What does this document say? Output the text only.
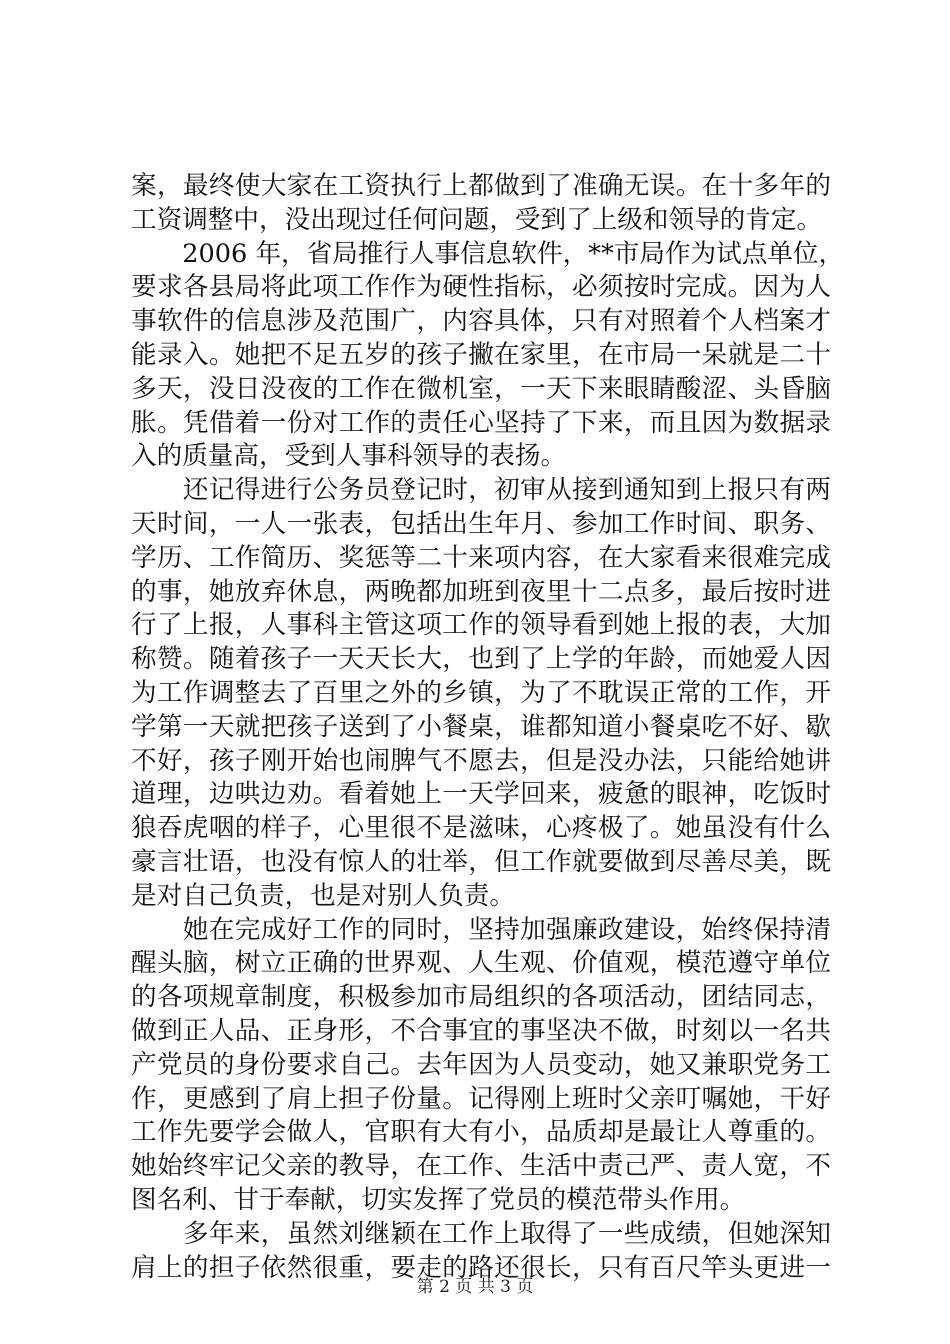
案，最终使大家在工资执行上都做到了准确无误。在十多年的
工资调整中，没出现过任何问题，受到了上级和领导的肯定。
　　2006 年，省局推行人事信息软件，**市局作为试点单位，
要求各县局将此项工作作为硬性指标，必须按时完成。因为人
事软件的信息涉及范围广，内容具体，只有对照着个人档案才
能录入。她把不足五岁的孩子撇在家里，在市局一呆就是二十
多天，没日没夜的工作在微机室，一天下来眼睛酸涩、头昏脑
胀。凭借着一份对工作的责任心坚持了下来，而且因为数据录
入的质量高，受到人事科领导的表扬。
　　还记得进行公务员登记时，初审从接到通知到上报只有两
天时间，一人一张表，包括出生年月、参加工作时间、职务、
学历、工作简历、奖惩等二十来项内容，在大家看来很难完成
的事，她放弃休息，两晚都加班到夜里十二点多，最后按时进
行了上报，人事科主管这项工作的领导看到她上报的表，大加
称赞。随着孩子一天天长大，也到了上学的年龄，而她爱人因
为工作调整去了百里之外的乡镇，为了不耽误正常的工作，开
学第一天就把孩子送到了小餐桌，谁都知道小餐桌吃不好、歇
不好，孩子刚开始也闹脾气不愿去，但是没办法，只能给她讲
道理，边哄边劝。看着她上一天学回来，疲惫的眼神，吃饭时
狼吞虎咽的样子，心里很不是滋味，心疼极了。她虽没有什么
豪言壮语，也没有惊人的壮举，但工作就要做到尽善尽美，既
是对自己负责，也是对别人负责。
　　她在完成好工作的同时，坚持加强廉政建设，始终保持清
醒头脑，树立正确的世界观、人生观、价值观，模范遵守单位
的各项规章制度，积极参加市局组织的各项活动，团结同志，
做到正人品、正身形，不合事宜的事坚决不做，时刻以一名共
产党员的身份要求自己。去年因为人员变动，她又兼职党务工
作，更感到了肩上担子份量。记得刚上班时父亲叮嘱她，干好
工作先要学会做人，官职有大有小，品质却是最让人尊重的。
她始终牢记父亲的教导，在工作、生活中责己严、责人宽，不
图名利、甘于奉献，切实发挥了党员的模范带头作用。
　　多年来，虽然刘继颖在工作上取得了一些成绩，但她深知
肩上的担子依然很重，要走的路还很长，只有百尺竿头更进一
第 2 页 共 3 页
